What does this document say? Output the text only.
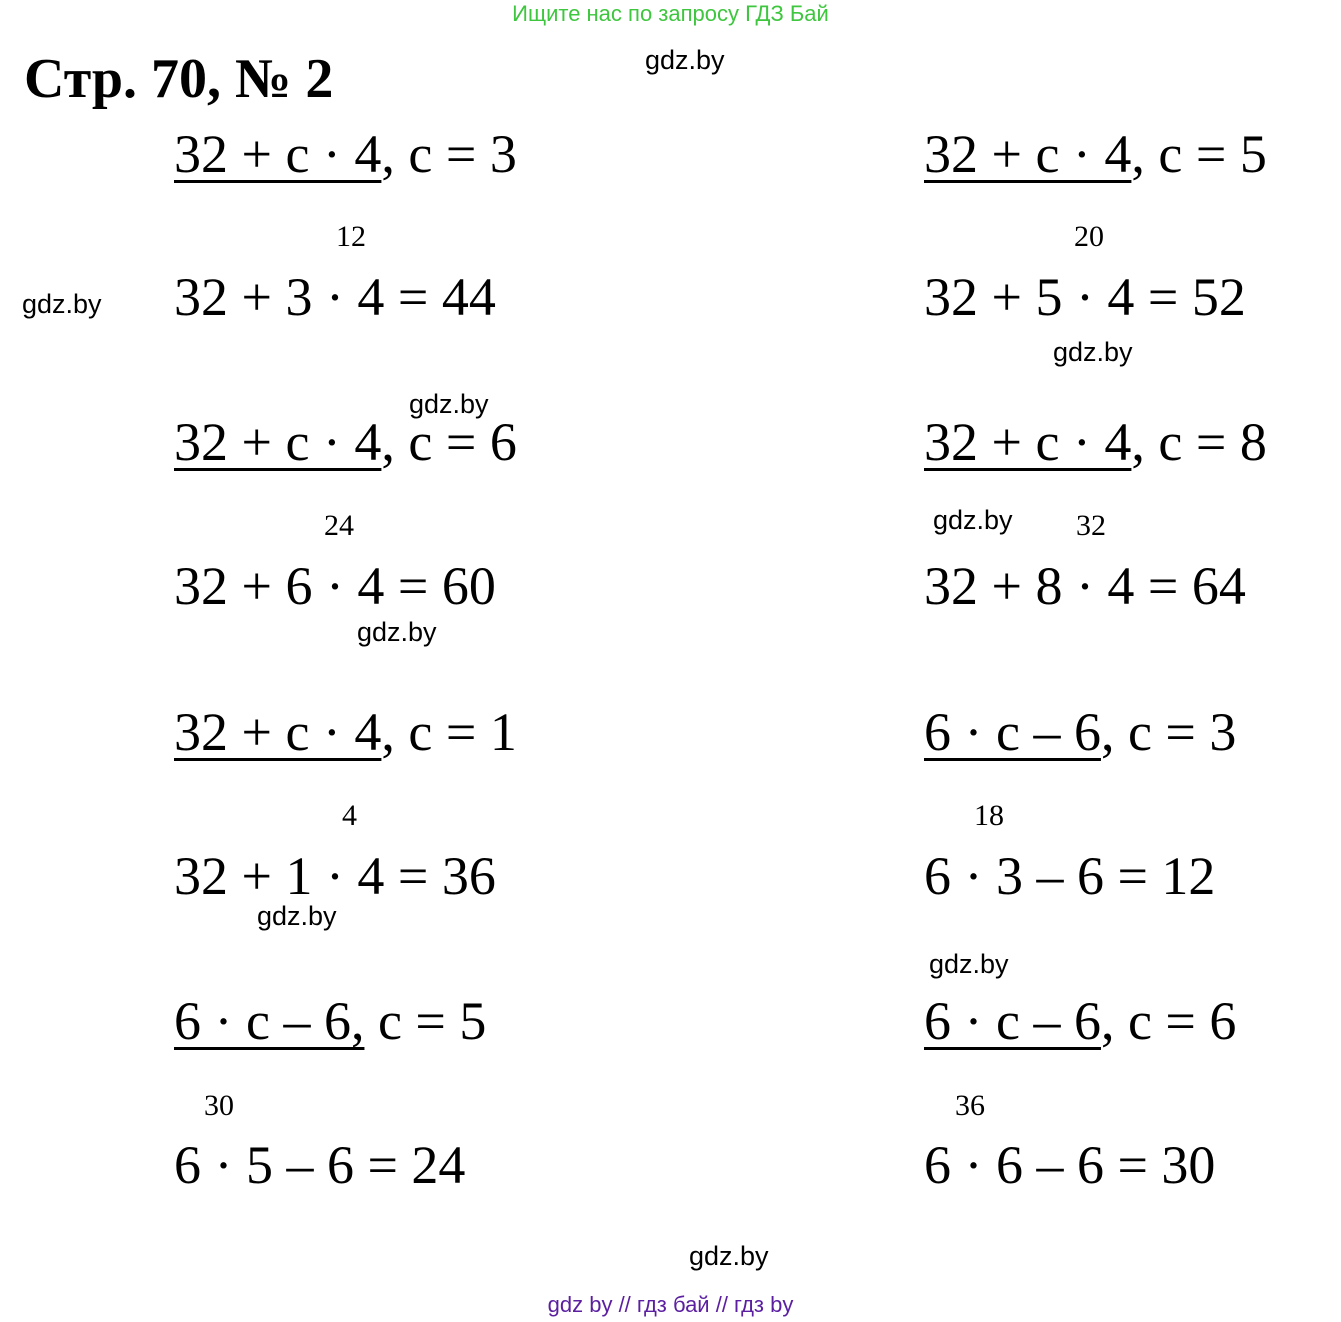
Ищите нас по запросу ГДЗ Бай
Стр. 70, № 2	gdz.by
gdz.by
gdz.by
gdz.by
gdz.by
gdz.by
gdz.by
gdz.by
gdz.by
32 + c · 4, c = 3
12
32 + 3 · 4 = 44
32 + c · 4, c = 5
20
32 + 5 · 4 = 52
32 + c · 4, c = 6
24
32 + 6 · 4 = 60
32 + c · 4, c = 8
32
32 + 8 · 4 = 64
32 + c · 4, c = 1
4
32 + 1 · 4 = 36
6 · c – 6, c = 3
18
6 · 3 – 6 = 12
6 · c – 6, c = 5
30
6 · 5 – 6 = 24
6 · c – 6, c = 6
36
6 · 6 – 6 = 30
gdz by // гдз бай // гдз by
